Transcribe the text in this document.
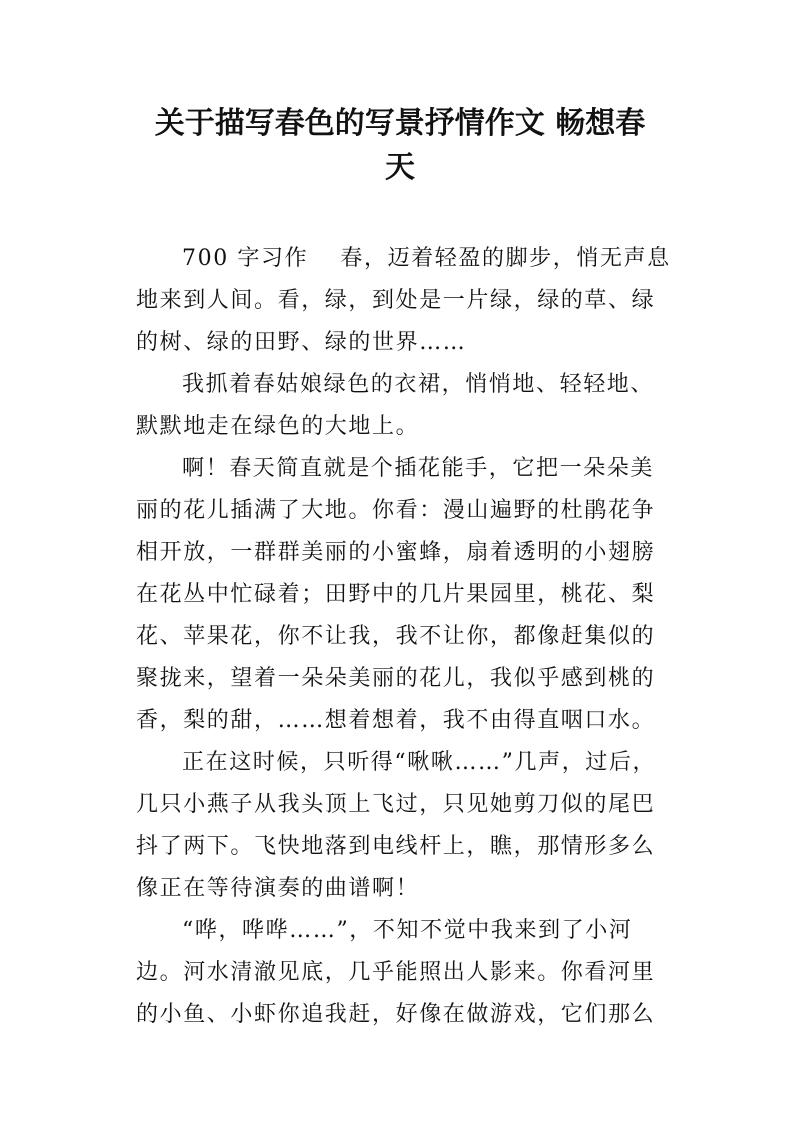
关于描写春色的写景抒情作文 畅想春
天
700 字习作　 春，迈着轻盈的脚步，悄无声息
地来到人间。看，绿，到处是一片绿，绿的草、绿
的树、绿的田野、绿的世界……
我抓着春姑娘绿色的衣裙，悄悄地、轻轻地、
默默地走在绿色的大地上。
啊！春天简直就是个插花能手，它把一朵朵美
丽的花儿插满了大地。你看：漫山遍野的杜鹃花争
相开放，一群群美丽的小蜜蜂，扇着透明的小翅膀
在花丛中忙碌着；田野中的几片果园里，桃花、梨
花、苹果花，你不让我，我不让你，都像赶集似的
聚拢来，望着一朵朵美丽的花儿，我似乎感到桃的
香，梨的甜，……想着想着，我不由得直咽口水。
正在这时候，只听得“啾啾……”几声，过后，
几只小燕子从我头顶上飞过，只见她剪刀似的尾巴
抖了两下。飞快地落到电线杆上，瞧，那情形多么
像正在等待演奏的曲谱啊！
“哗，哗哗……”，不知不觉中我来到了小河
边。河水清澈见底，几乎能照出人影来。你看河里
的小鱼、小虾你追我赶，好像在做游戏，它们那么
